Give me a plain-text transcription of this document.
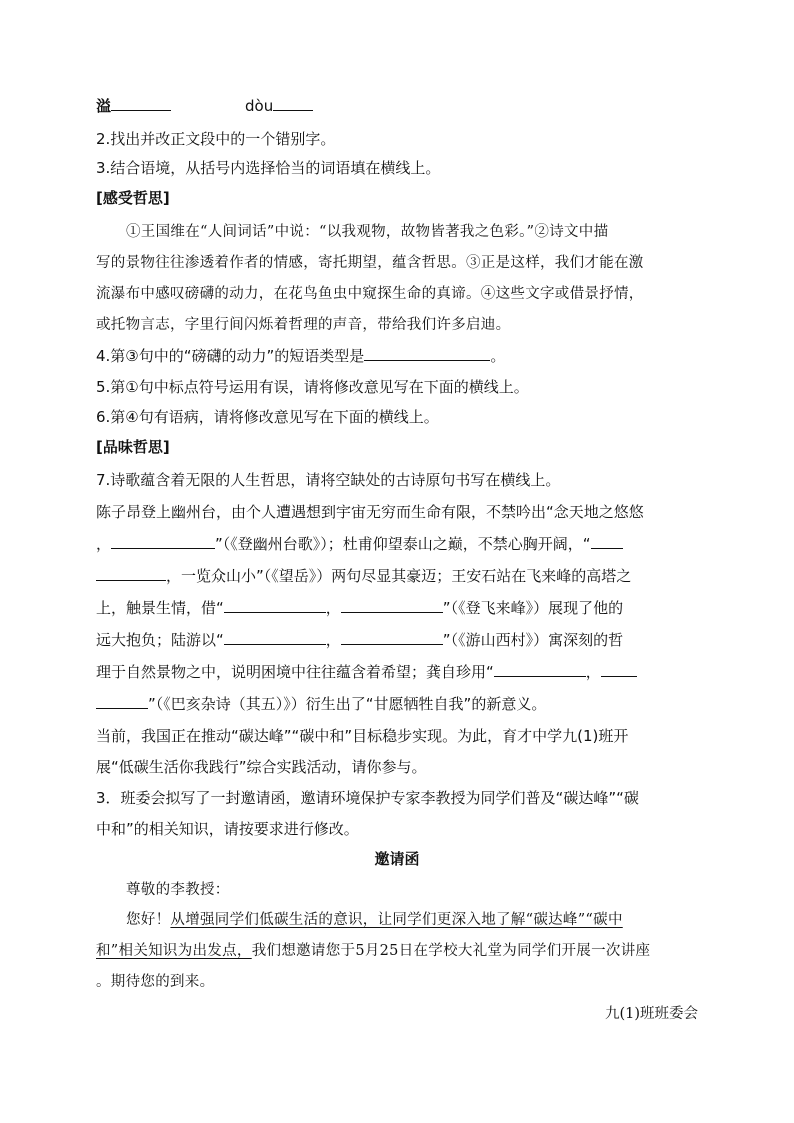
溢	dòu
2.找出并改正文段中的一个错别字。
3.结合语境，从括号内选择恰当的词语填在横线上。
[感受哲思]
①王国维在“人间词话”中说：“以我观物，故物皆著我之色彩。”②诗文中描
写的景物往往渗透着作者的情感，寄托期望，蕴含哲思。③正是这样，我们才能在激
流瀑布中感叹磅礴的动力，在花鸟鱼虫中窥探生命的真谛。④这些文字或借景抒情，
或托物言志，字里行间闪烁着哲理的声音，带给我们许多启迪。
4.第③句中的“磅礴的动力”的短语类型是	。
5.第①句中标点符号运用有误，请将修改意见写在下面的横线上。
6.第④句有语病，请将修改意见写在下面的横线上。
[品味哲思]
7.诗歌蕴含着无限的人生哲思，请将空缺处的古诗原句书写在横线上。
陈子昂登上幽州台，由个人遭遇想到宇宙无穷而生命有限，不禁吟出“念天地之悠悠
，	”（《登幽州台歌》）；杜甫仰望泰山之巅，不禁心胸开阔，“
，一览众山小”（《望岳》）两句尽显其豪迈；王安石站在飞来峰的高塔之
上，触景生情，借“	，	”（《登飞来峰》）展现了他的
远大抱负；陆游以“	，	”（《游山西村》）寓深刻的哲
理于自然景物之中，说明困境中往往蕴含着希望；龚自珍用“	，
”（《巴亥杂诗（其五）》）衍生出了“甘愿牺牲自我”的新意义。
当前，我国正在推动“碳达峰”“碳中和”目标稳步实现。为此，育才中学九(1)班开
展“低碳生活你我践行”综合实践活动，请你参与。
3．班委会拟写了一封邀请函，邀请环境保护专家李教授为同学们普及“碳达峰”“碳
中和”的相关知识，请按要求进行修改。
邀请函
尊敬的李教授：
您好！从增强同学们低碳生活的意识，让同学们更深入地了解“碳达峰”“碳中
和”相关知识为出发点，我们想邀请您于5月25日在学校大礼堂为同学们开展一次讲座
。期待您的到来。
九(1)班班委会
